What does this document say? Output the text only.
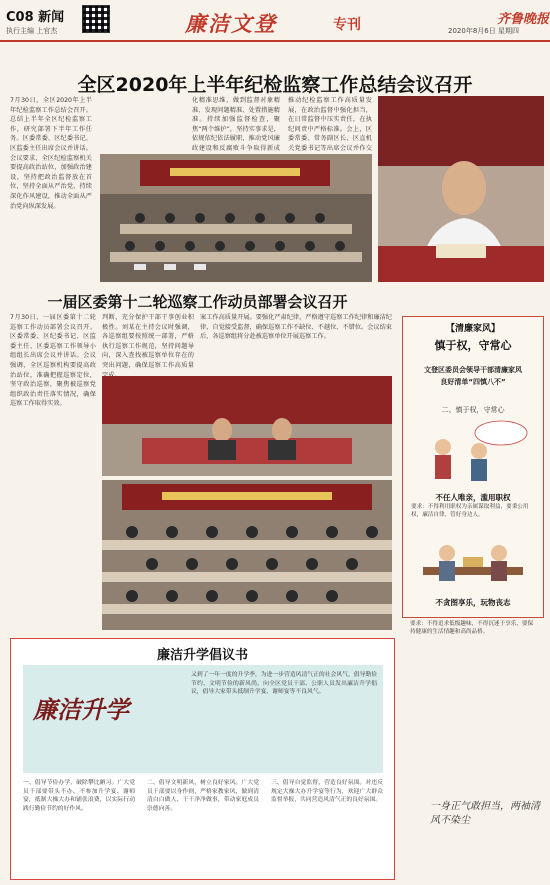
C08 新闻
执行主编 上官杰	廉洁文登	专刊	齐鲁晚报
2020年8月6日 星期四
全区2020年上半年纪检监察工作总结会议召开
7月30日，全区2020年上半年纪检监察工作总结会召开。总结上半年全区纪检监察工作，研究部署下半年工作任务。区委常委、区纪委书记、区监委主任出席会议并讲话。会议要求，全区纪检监察机关要提高政治站位，加强政治建设，坚持把政治监督放在首位，坚持全面从严治党，持续深化作风建设，推动全面从严治党向纵深发展。
化精准思维，做到监督对象精准、发现问题精准、处置措施精准。持续加强监督检查，聚焦“两个维护”，坚持实事求是，依规依纪依法履职，推动党风廉政建设和反腐败斗争取得新成
推动纪检监察工作高质量发展，在政治监督中强化担当，在日常监督中压实责任，在执纪问责中严格标准。会上，区委常委、常务副区长、区直机关党委书记等出席会议并作交
一届区委第十二轮巡察工作动员部署会议召开
7月30日，一届区委第十二轮巡察工作动员部署会议召开。区委常委、区纪委书记、区监委主任、区委巡察工作领导小组组长出席会议并讲话。会议强调，全区巡察机构要提高政治站位，准确把握巡察定位，坚守政治巡察，聚焦被巡察党组织政治责任落实情况，确保巡察工作取得实效。
判断，充分保护干部干事创业积极性。刘某在主持会议时强调，各巡察组要按照统一部署，严格执行巡察工作规范，坚持问题导向，深入查找被巡察单位存在的突出问题，确保巡察工作高质量
案工作高质量开展。要强化严肃纪律，严格遵守巡察工作纪律和廉洁纪律，自觉接受监督，确保巡察工作不缺位、不越位、不错位。会议结束后，各巡察组将分赴被巡察单位开展巡察工作。
【清廉家风】
慎于权，守常心
文登区委员会领导干部清廉家风
良好清单“四慎八不”
二、慎于权，守常心
不任人唯亲，滥用职权
要求：不得利用职权为亲属谋取利益，要秉公用权，廉洁自律，管好身边人。
不贪图享乐，玩物丧志
要求：不得追求低级趣味，不得沉迷于享乐，要保持健康的生活情趣和高尚品格。
一身正气敢担当，两袖清风不染尘
廉洁升学倡议书
廉洁升学
又到了一年一度的升学季，为进一步营造风清气正的社会风气，倡导勤俭节约、文明节俭的新风尚，向全区党员干部、公职人员发出廉洁升学倡议，倡导大家带头抵制升学宴、谢师宴等不良风气。
一、倡导节俭办学，破除攀比陋习。广大党员干部要带头不办、不参加升学宴、谢师宴，抵制大操大办和铺张浪费，以实际行动践行勤俭节约的好作风。
二、倡导文明新风，树立良好家风。广大党员干部要以身作则，严格家教家风，做到清清白白做人、干干净净做事，带动家庭成员崇德向善。
三、倡导自觉监督，营造良好氛围。对违反规定大操大办升学宴等行为，欢迎广大群众监督举报，共同营造风清气正的良好氛围。
